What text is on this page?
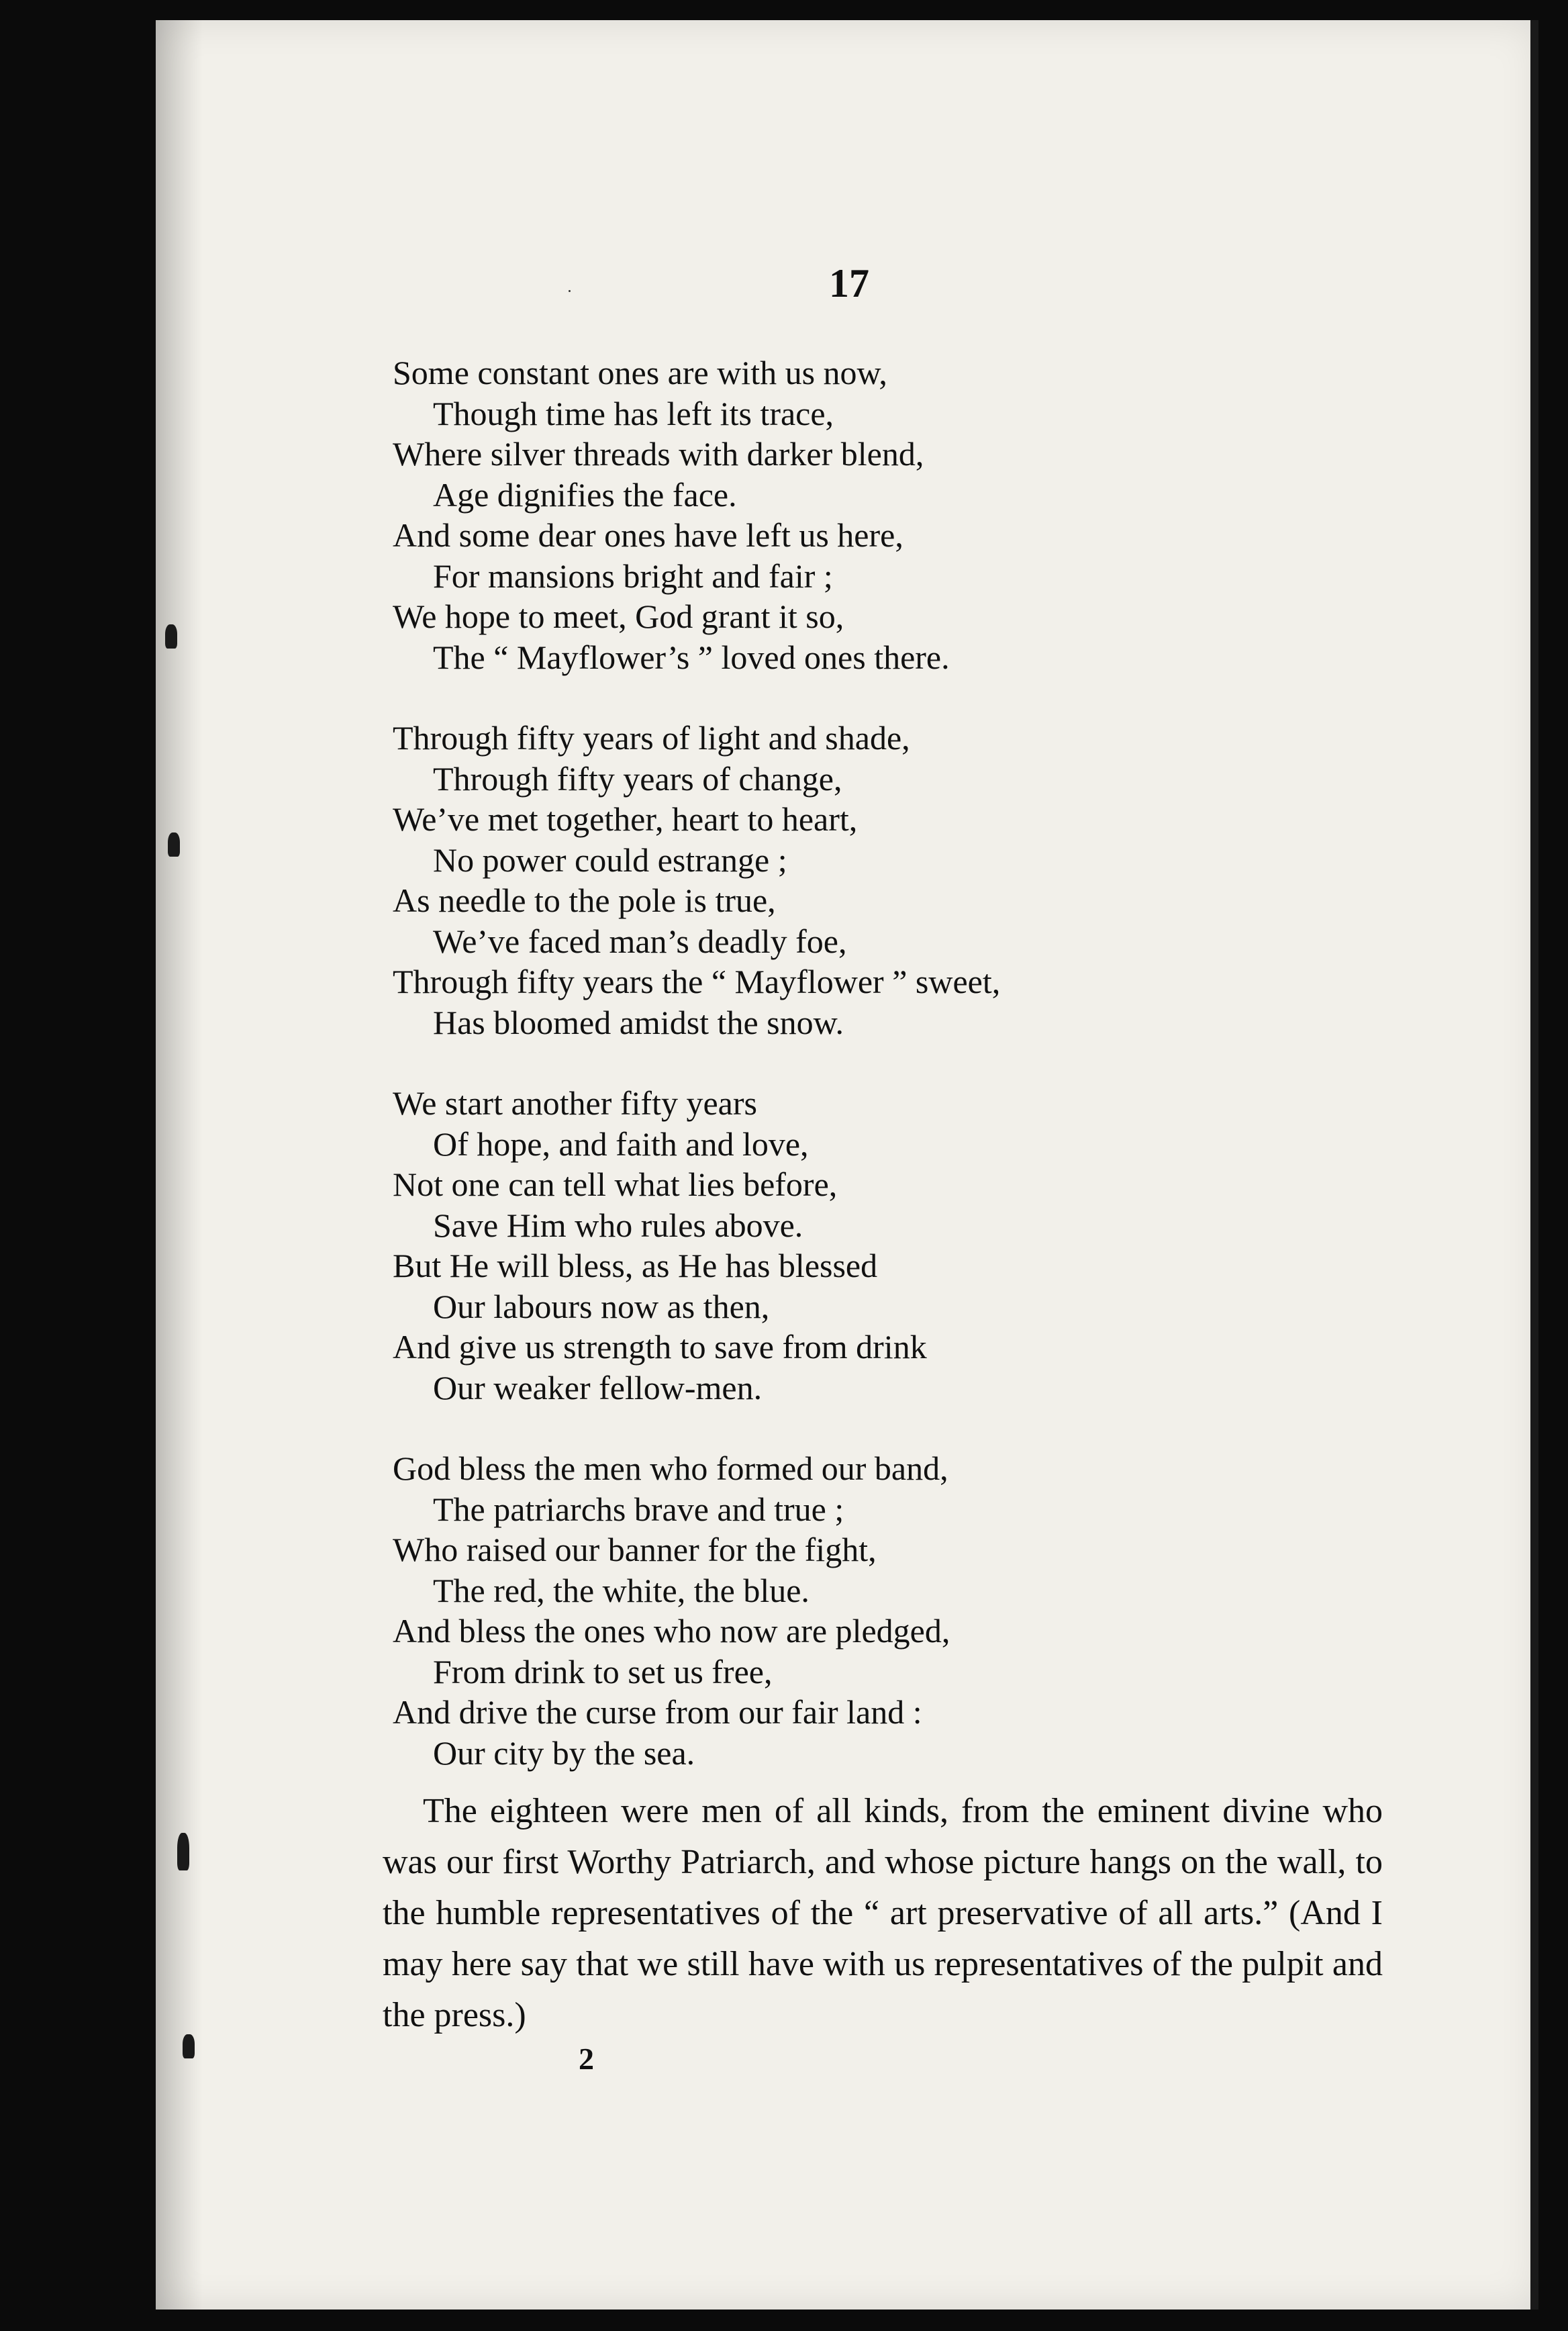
17
Some constant ones are with us now,
Though time has left its trace,
Where silver threads with darker blend,
Age dignifies the face.
And some dear ones have left us here,
For mansions bright and fair ;
We hope to meet, God grant it so,
The “ Mayflower’s ” loved ones there.
Through fifty years of light and shade,
Through fifty years of change,
We’ve met together, heart to heart,
No power could estrange ;
As needle to the pole is true,
We’ve faced man’s deadly foe,
Through fifty years the “ Mayflower ” sweet,
Has bloomed amidst the snow.
We start another fifty years
Of hope, and faith and love,
Not one can tell what lies before,
Save Him who rules above.
But He will bless, as He has blessed
Our labours now as then,
And give us strength to save from drink
Our weaker fellow-men.
God bless the men who formed our band,
The patriarchs brave and true ;
Who raised our banner for the fight,
The red, the white, the blue.
And bless the ones who now are pledged,
From drink to set us free,
And drive the curse from our fair land :
Our city by the sea.

The eighteen were men of all kinds, from the eminent divine who was our first Worthy Patriarch, and whose picture hangs on the wall, to the humble representatives of the “ art preservative of all arts.” (And I may here say that we still have with us representatives of the pulpit and the press.)

2
